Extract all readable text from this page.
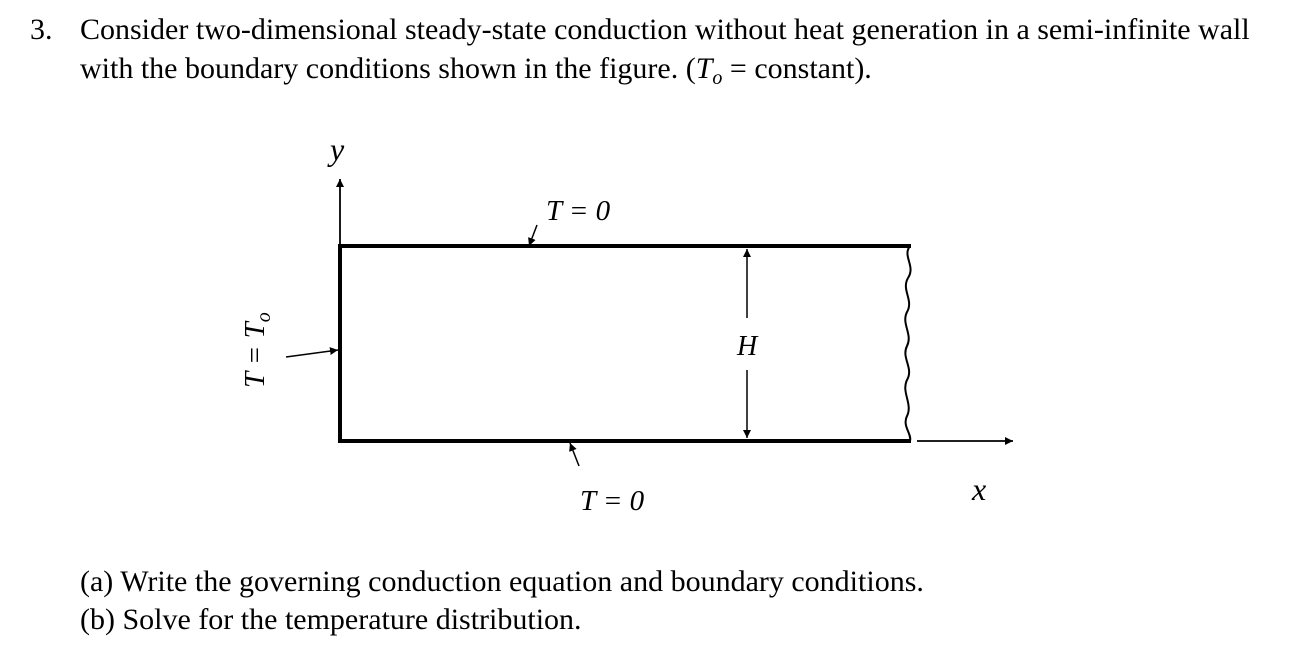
3. Consider two-dimensional steady-state conduction without heat generation in a semi-infinite wall with the boundary conditions shown in the figure. ($T_o$ = constant).
y
x
T = 0
T = 0
H
$T = T_o$
(a) Write the governing conduction equation and boundary conditions.
(b) Solve for the temperature distribution.
